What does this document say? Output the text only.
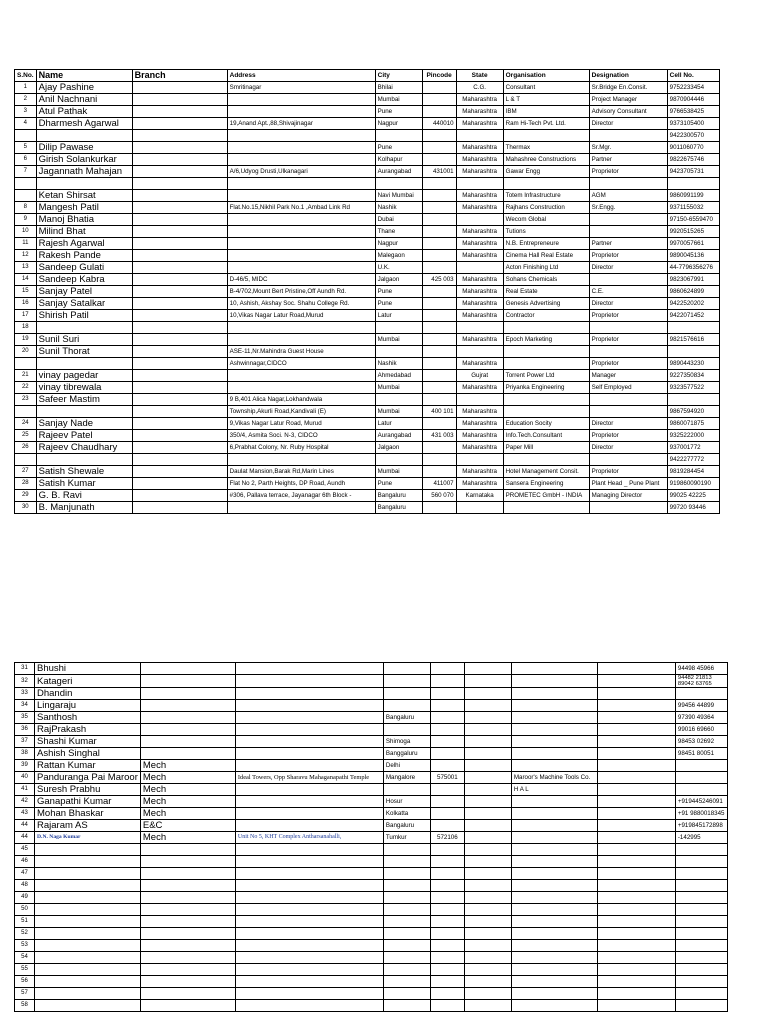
S.No.	Name	Branch	Address	City	Pincode	State	Organisation	Designation	Cell No.
1	Ajay Pashine		Smritinagar	Bhilai		C.G.	Consultant	Sr.Bridge En.Consit.	9752233454
2	Anil Nachnani			Mumbai		Maharashtra	L & T	Project Manager	9870904446
3	Atul Pathak			Pune		Maharashtra	IBM	Advisory Consultant	9766538425
4	Dharmesh Agarwal		19,Anand Apt.,88,Shivajinagar	Nagpur	440010	Maharashtra	Ram Hi-Tech Pvt. Ltd.	Director	9373105400
									9422300570
5	Dilip Pawase			Pune		Maharashtra	Thermax	Sr.Mgr.	9011060770
6	Girish Solankurkar			Kolhapur		Maharashtra	Mahashree Constructions	Partner	9822675746
7	Jagannath Mahajan		A/6,Udyog Drusti,Ulkanagari	Aurangabad	431001	Maharashtra	Gawar Engg	Proprietor	9423705731

	Ketan Shirsat			Navi Mumbai		Maharashtra	Totem Infrastructure	AGM	9860991199
8	Mangesh Patil		Flat.No.15,Nikhil Park No.1 ,Ambad Link Rd	Nashik		Maharashtra	Rajhans Construction	Sr.Engg.	9371155032
9	Manoj Bhatia			Dubai			Wecom Global		97150-6559470
10	Milind Bhat			Thane		Maharashtra	Tutions		9920515265
11	Rajesh Agarwal			Nagpur		Maharashtra	N.B. Entrepreneure	Partner	9970057661
12	Rakesh Pande			Malegaon		Maharashtra	Cinema Hall Real Estate	Proprietor	9890045136
13	Sandeep Gulati			U.K.			Acton Finishing Ltd	Director	44-7796356276
14	Sandeep Kabra		D-46/5, MIDC	Jalgaon	425 003	Maharashtra	Sohans Chemicals		9823067991
15	Sanjay Patel		B-4/702,Mount Bert Pristine,Off Aundh Rd.	Pune		Maharashtra	Real Estate	C.E.	9860624899
16	Sanjay Satalkar		10, Ashish, Akshay Soc. Shahu College Rd.	Pune		Maharashtra	Genesis Advertising	Director	9422520202
17	Shirish Patil		10,Vikas Nagar Latur Road,Murud	Latur		Maharashtra	Contractor	Proprietor	9422071452
18									
19	Sunil Suri			Mumbai		Maharashtra	Epoch Marketing	Proprietor	9821576616
20	Sunil Thorat		ASE-11,Nr.Mahindra Guest House						
			Ashwinnagar,CIDCO	Nashik		Maharashtra		Proprietor	9890443230
21	vinay pagedar			Ahmedabad		Gujrat	Torrent Power Ltd	Manager	9227350834
22	vinay tibrewala			Mumbai		Maharashtra	Priyanka Engineering	Self Employed	9323577522
23	Safeer Mastim		9 B,401 Alica Nagar,Lokhandwala						
			Township,Akurli Road,Kandivali (E)	Mumbai	400 101	Maharashtra			9867594920
24	Sanjay Nade		9,Vikas Nagar Latur Road, Murud	Latur		Maharashtra	Education Socity	Director	9860071875
25	Rajeev Patel		350/4, Asmita Soci. N-3, CIDCO	Aurangabad	431 003	Maharashtra	Info.Tech.Consultant	Proprietor	9325222000
26	Rajeev Chaudhary		6,Prabhat Colony, Nr. Ruby Hospital	Jalgaon		Maharashtra	Paper Mill	Director	937001772
									9422277772
27	Satish Shewale		Daulat Mansion,Barak Rd,Marin Lines	Mumbai		Maharashtra	Hotel Management Consit.	Proprietor	9819284454
28	Satish Kumar		Flat No 2, Parth Heights, DP Road, Aundh	Pune	411007	Maharashtra	Sansera Engineering	Plant Head _ Pune Plant	919860090190
29	G. B. Ravi		#306, Pallava terrace, Jayanagar 6th Block -	Bangaluru	560 070	Karnataka	PROMETEC GmbH - INDIA	Managing Director	99025 42225
30	B. Manjunath			Bangaluru					99720 93446
31	Bhushi								94498 45966
32	Katageri								94482 21813
89042 63765

33	Dhandin								
34	Lingaraju								99456 44899
35	Santhosh			Bangaluru					97390 49364
36	RajPrakash								99016 69660
37	Shashi Kumar			Shimoga					98453 02692
38	Ashish Singhal			Banggaluru					98451 80051
39	Rattan Kumar	Mech		Delhi					
40	Panduranga Pai Maroor	Mech	Ideal Towers, Opp Sharavu Mahaganapathi Temple	Mangalore	575001		Maroor's Machine Tools Co.		
41	Suresh Prabhu	Mech					H A L		
42	Ganapathi Kumar	Mech		Hosur					+919445246091
43	Mohan Bhaskar	Mech		Kolkatta					+91 9880018345
44	Rajaram AS	E&C		Bangaluru					+919845172898
44	D.N. Naga Kumar	Mech	Unit No 5, KHT Complex Antharsanahalli,	Tumkur	572106				-142995
45									
46									
47									
48									
49									
50									
51									
52									
53									
54									
55									
56									
57									
58									
